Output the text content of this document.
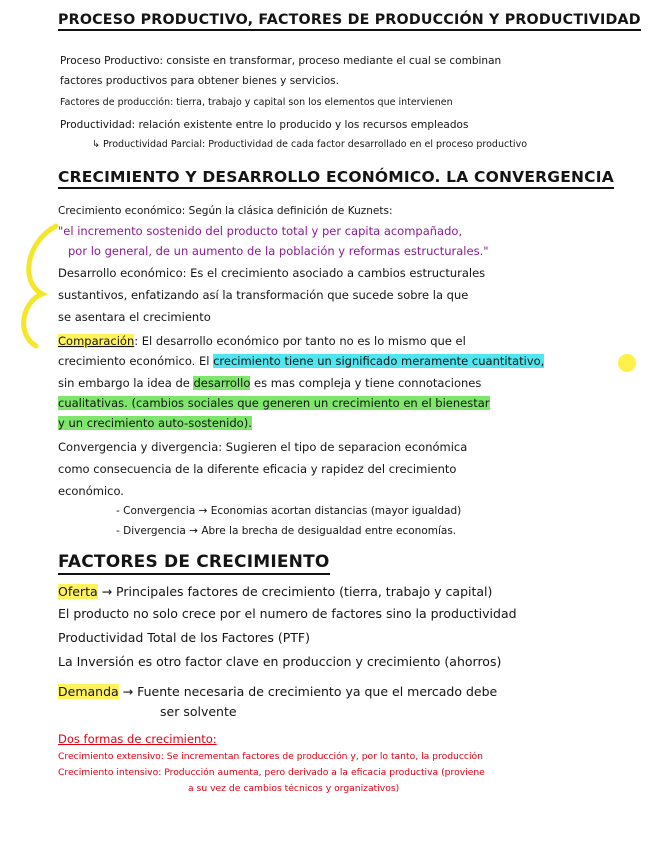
PROCESO PRODUCTIVO, FACTORES DE PRODUCCIÓN Y PRODUCTIVIDAD
Proceso Productivo: consiste en transformar, proceso mediante el cual se combinan
factores productivos para obtener bienes y servicios.
Factores de producción: tierra, trabajo y capital son los elementos que intervienen
Productividad: relación existente entre lo producido y los recursos empleados
↳ Productividad Parcial: Productividad de cada factor desarrollado en el proceso productivo
CRECIMIENTO Y DESARROLLO ECONÓMICO. LA CONVERGENCIA
Crecimiento económico: Según la clásica definición de Kuznets:
"el incremento sostenido del producto total y per capita acompañado,
por lo general, de un aumento de la población y reformas estructurales."
Desarrollo económico: Es el crecimiento asociado a cambios estructurales
sustantivos, enfatizando así la transformación que sucede sobre la que
se asentara el crecimiento
Comparación: El desarrollo económico por tanto no es lo mismo que el
crecimiento económico. El crecimiento tiene un significado meramente cuantitativo,
sin embargo la idea de desarrollo es mas compleja y tiene connotaciones
cualitativas. (cambios sociales que generen un crecimiento en el bienestar
y un crecimiento auto-sostenido).
Convergencia y divergencia: Sugieren el tipo de separacion económica
como consecuencia de la diferente eficacia y rapidez del crecimiento
económico.
- Convergencia → Economias acortan distancias (mayor igualdad)
- Divergencia → Abre la brecha de desigualdad entre economías.
FACTORES DE CRECIMIENTO
Oferta → Principales factores de crecimiento (tierra, trabajo y capital)
El producto no solo crece por el numero de factores sino la productividad
Productividad Total de los Factores (PTF)
La Inversión es otro factor clave en produccion y crecimiento (ahorros)
Demanda → Fuente necesaria de crecimiento ya que el mercado debe
ser solvente
Dos formas de crecimiento:
Crecimiento extensivo: Se incrementan factores de producción y, por lo tanto, la producción
Crecimiento intensivo: Producción aumenta, pero derivado a la eficacia productiva (proviene
a su vez de cambios técnicos y organizativos)
